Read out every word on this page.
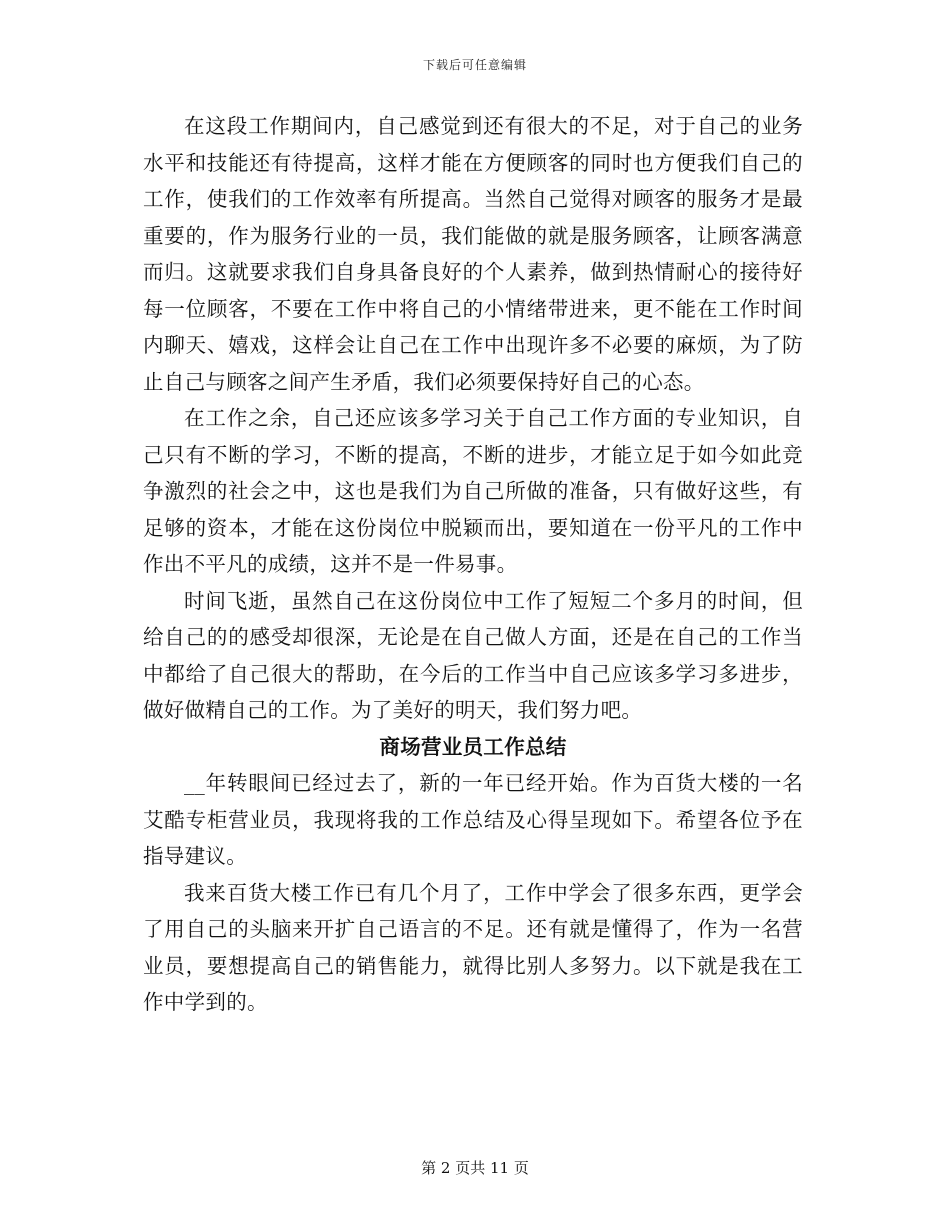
下载后可任意编辑

在这段工作期间内，自己感觉到还有很大的不足，对于自己的业务水平和技能还有待提高，这样才能在方便顾客的同时也方便我们自己的工作，使我们的工作效率有所提高。当然自己觉得对顾客的服务才是最重要的，作为服务行业的一员，我们能做的就是服务顾客，让顾客满意而归。这就要求我们自身具备良好的个人素养，做到热情耐心的接待好每一位顾客，不要在工作中将自己的小情绪带进来，更不能在工作时间内聊天、嬉戏，这样会让自己在工作中出现许多不必要的麻烦，为了防止自己与顾客之间产生矛盾，我们必须要保持好自己的心态。

在工作之余，自己还应该多学习关于自己工作方面的专业知识，自己只有不断的学习，不断的提高，不断的进步，才能立足于如今如此竞争激烈的社会之中，这也是我们为自己所做的准备，只有做好这些，有足够的资本，才能在这份岗位中脱颖而出，要知道在一份平凡的工作中作出不平凡的成绩，这并不是一件易事。

时间飞逝，虽然自己在这份岗位中工作了短短二个多月的时间，但给自己的的感受却很深，无论是在自己做人方面，还是在自己的工作当中都给了自己很大的帮助，在今后的工作当中自己应该多学习多进步，做好做精自己的工作。为了美好的明天，我们努力吧。

商场营业员工作总结

__年转眼间已经过去了，新的一年已经开始。作为百货大楼的一名艾酷专柜营业员，我现将我的工作总结及心得呈现如下。希望各位予在指导建议。

我来百货大楼工作已有几个月了，工作中学会了很多东西，更学会了用自己的头脑来开扩自己语言的不足。还有就是懂得了，作为一名营业员，要想提高自己的销售能力，就得比别人多努力。以下就是我在工作中学到的。

第 2 页共 11 页
